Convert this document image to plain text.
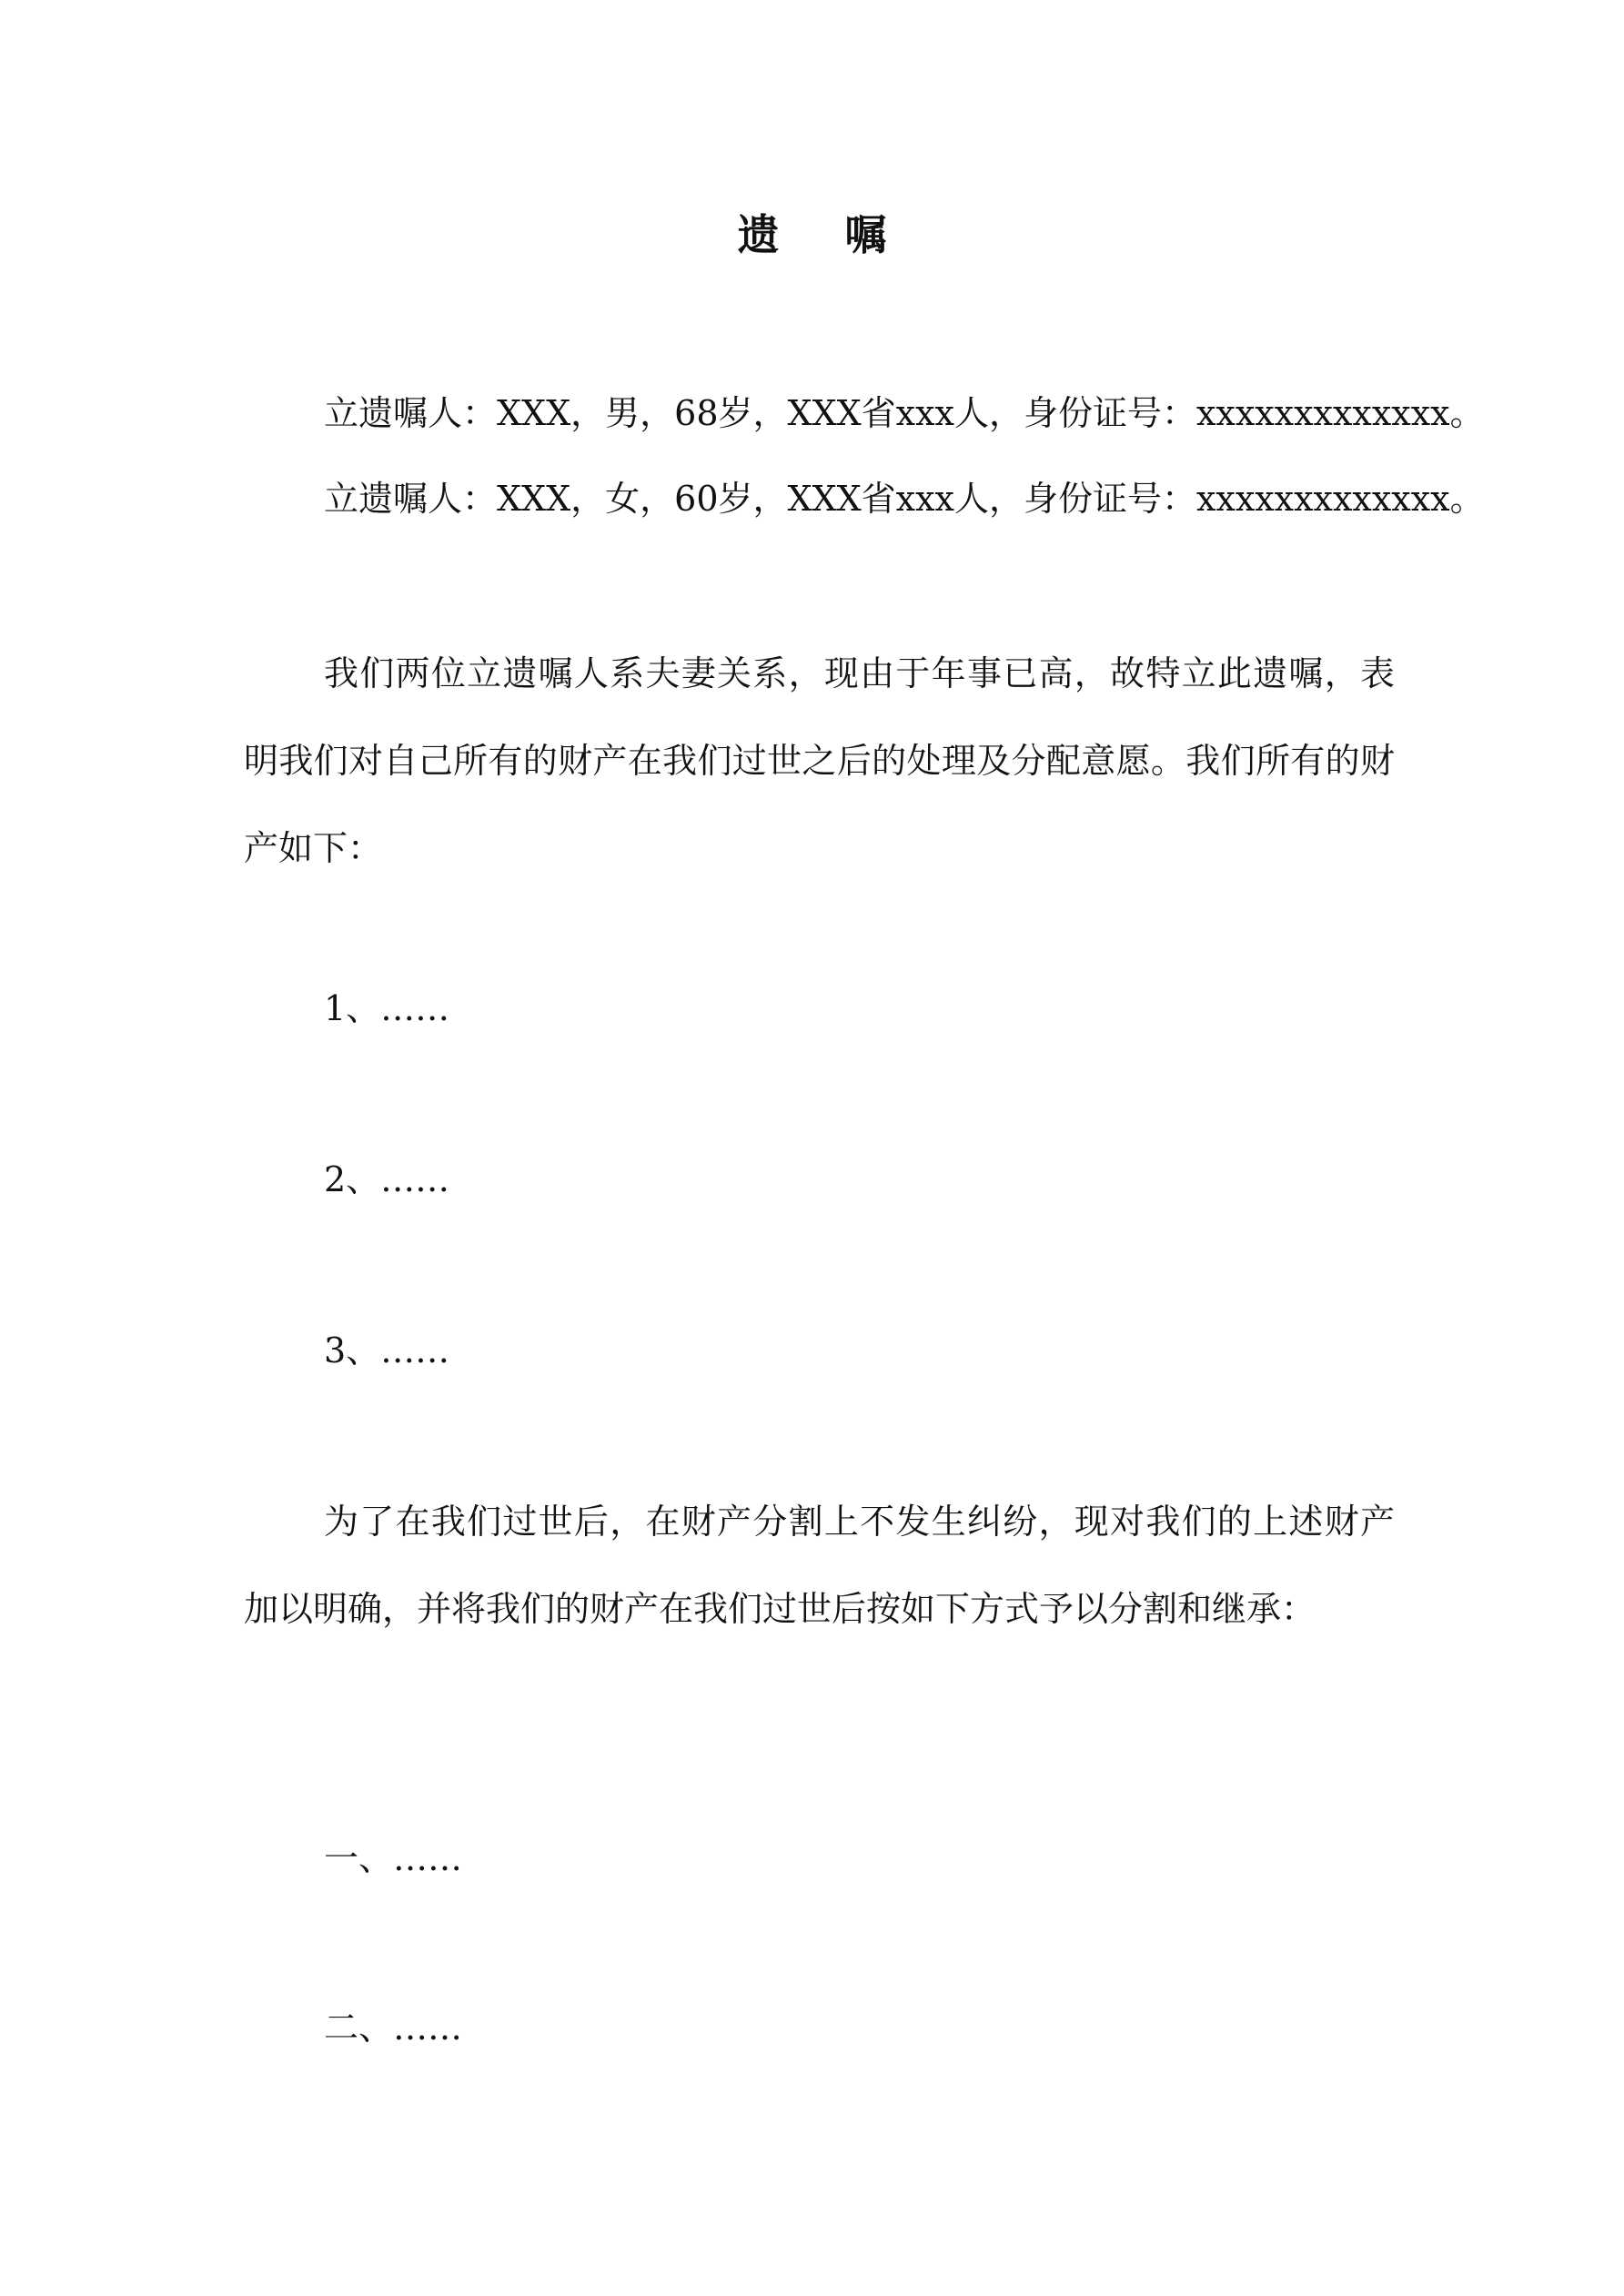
遗 嘱
立遗嘱人：XXX，男，68岁，XXX省xxx人，身份证号：xxxxxxxxxxxxx。
立遗嘱人：XXX，女，60岁，XXX省xxx人，身份证号：xxxxxxxxxxxxx。
我们两位立遗嘱人系夫妻关系，现由于年事已高，故特立此遗嘱，表明我们对自己所有的财产在我们过世之后的处理及分配意愿。我们所有的财产如下：
1、……
2、……
3、……
为了在我们过世后，在财产分割上不发生纠纷，现对我们的上述财产加以明确，并将我们的财产在我们过世后按如下方式予以分割和继承：
一、……
二、……
